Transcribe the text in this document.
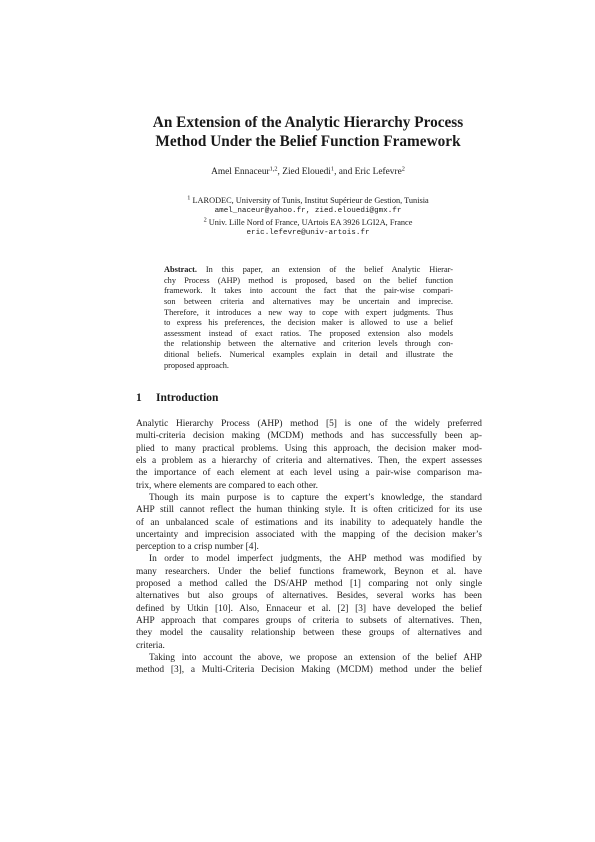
An Extension of the Analytic Hierarchy Process
Method Under the Belief Function Framework
Amel Ennaceur$^{1,2}$, Zied Elouedi$^1$, and Eric Lefevre$^2$
$^1$ LARODEC, University of Tunis, Institut Supérieur de Gestion, Tunisia
amel_naceur@yahoo.fr, zied.elouedi@gmx.fr
$^2$ Univ. Lille Nord of France, UArtois EA 3926 LGI2A, France
eric.lefevre@univ-artois.fr
Abstract. In this paper, an extension of the belief Analytic Hierar-
chy Process (AHP) method is proposed, based on the belief function
framework. It takes into account the fact that the pair-wise compari-
son between criteria and alternatives may be uncertain and imprecise.
Therefore, it introduces a new way to cope with expert judgments. Thus
to express his preferences, the decision maker is allowed to use a belief
assessment instead of exact ratios. The proposed extension also models
the relationship between the alternative and criterion levels through con-
ditional beliefs. Numerical examples explain in detail and illustrate the
proposed approach.
1 Introduction
Analytic Hierarchy Process (AHP) method [5] is one of the widely preferred
multi-criteria decision making (MCDM) methods and has successfully been ap-
plied to many practical problems. Using this approach, the decision maker mod-
els a problem as a hierarchy of criteria and alternatives. Then, the expert assesses
the importance of each element at each level using a pair-wise comparison ma-
trix, where elements are compared to each other.
Though its main purpose is to capture the expert’s knowledge, the standard
AHP still cannot reflect the human thinking style. It is often criticized for its use
of an unbalanced scale of estimations and its inability to adequately handle the
uncertainty and imprecision associated with the mapping of the decision maker’s
perception to a crisp number [4].
In order to model imperfect judgments, the AHP method was modified by
many researchers. Under the belief functions framework, Beynon et al. have
proposed a method called the DS/AHP method [1] comparing not only single
alternatives but also groups of alternatives. Besides, several works has been
defined by Utkin [10]. Also, Ennaceur et al. [2] [3] have developed the belief
AHP approach that compares groups of criteria to subsets of alternatives. Then,
they model the causality relationship between these groups of alternatives and
criteria.
Taking into account the above, we propose an extension of the belief AHP
method [3], a Multi-Criteria Decision Making (MCDM) method under the belief
